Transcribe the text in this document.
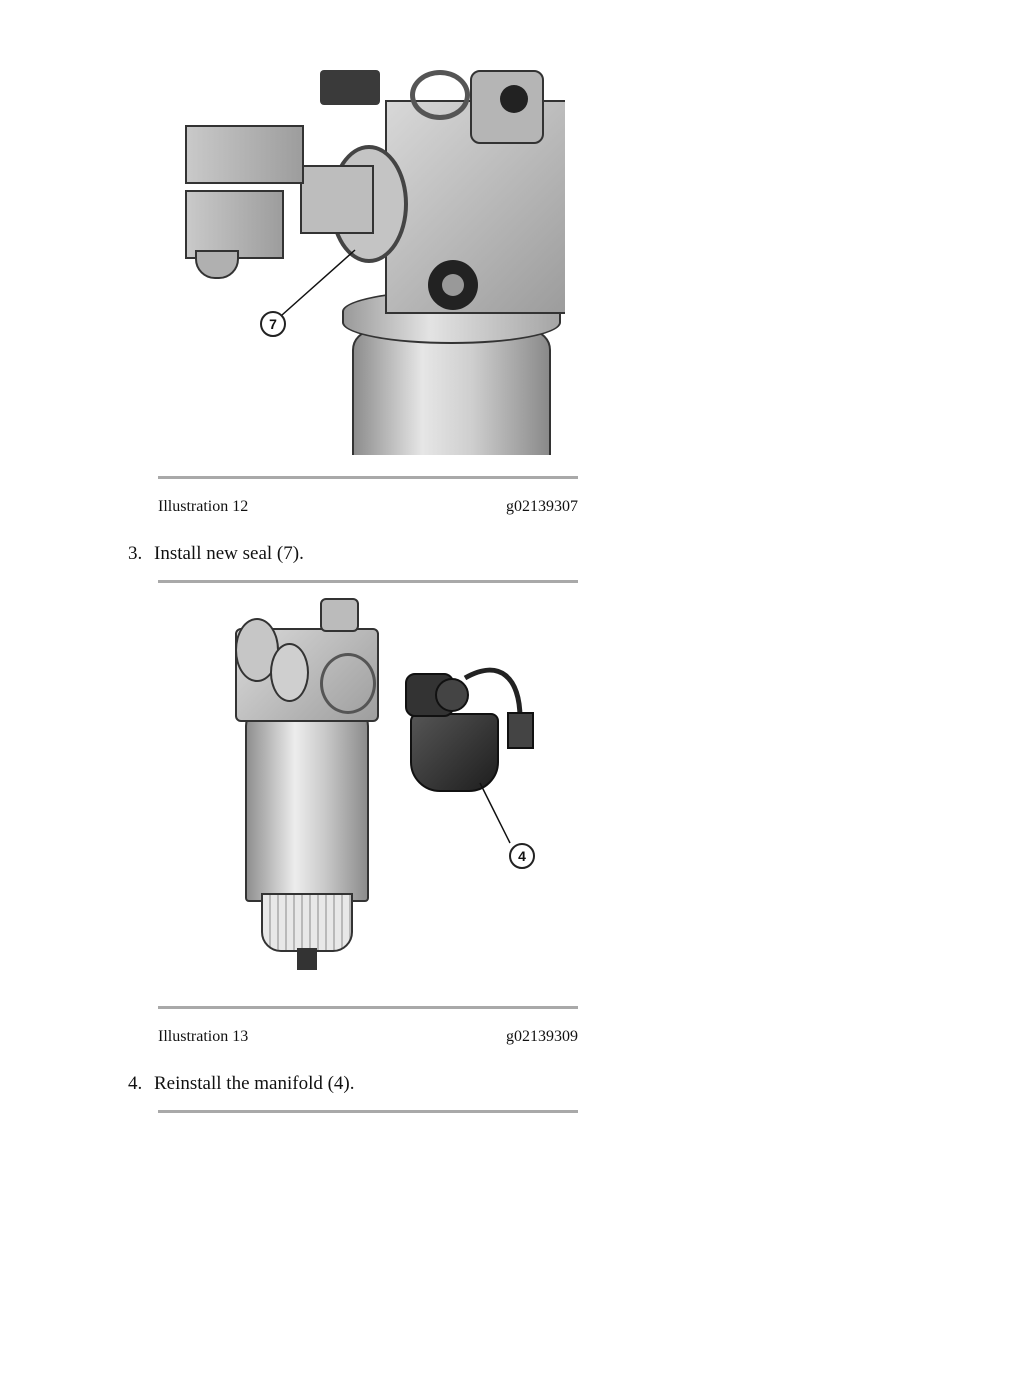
7
Illustration 12	g02139307
3. Install new seal (7).
4
Illustration 13	g02139309
4. Reinstall the manifold (4).
